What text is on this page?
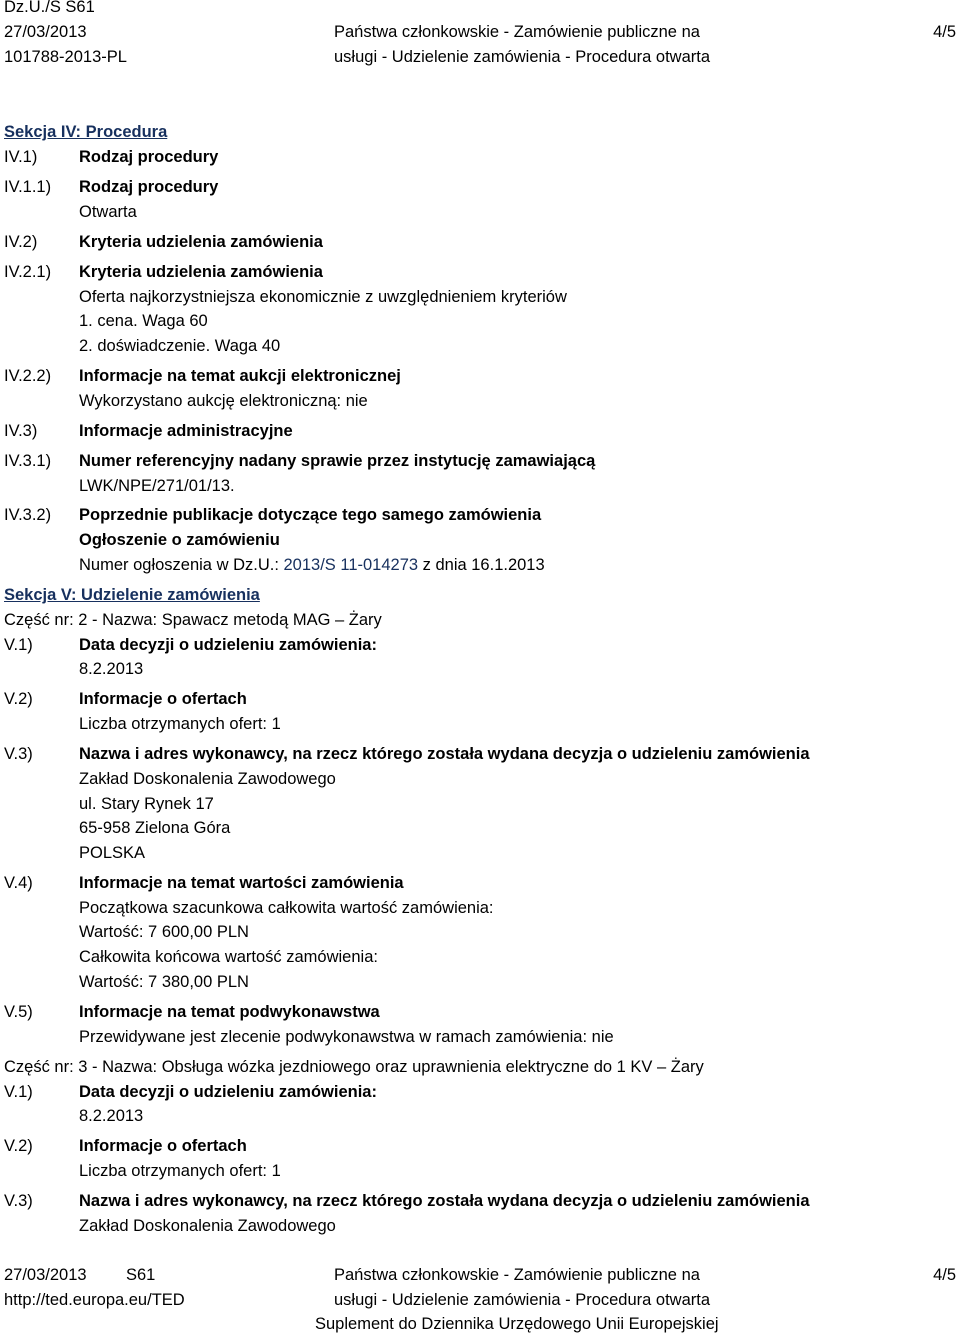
Dz.U./S S61
27/03/2013
101788-2013-PL
Państwa członkowskie - Zamówienie publiczne na
usługi - Udzielenie zamówienia - Procedura otwarta
4/5
Sekcja IV: Procedura
IV.1)	Rodzaj procedury
IV.1.1) Rodzaj procedury
Otwarta
IV.2)	Kryteria udzielenia zamówienia
IV.2.1) Kryteria udzielenia zamówienia
Oferta najkorzystniejsza ekonomicznie z uwzględnieniem kryteriów
1. cena. Waga 60
2. doświadczenie. Waga 40
IV.2.2) Informacje na temat aukcji elektronicznej
Wykorzystano aukcję elektroniczną: nie
IV.3)	Informacje administracyjne
IV.3.1) Numer referencyjny nadany sprawie przez instytucję zamawiającą
LWK/NPE/271/01/13.
IV.3.2) Poprzednie publikacje dotyczące tego samego zamówienia
Ogłoszenie o zamówieniu
Numer ogłoszenia w Dz.U.: 2013/S 11-014273 z dnia 16.1.2013
Sekcja V: Udzielenie zamówienia
Część nr: 2 - Nazwa: Spawacz metodą MAG – Żary
V.1)	Data decyzji o udzieleniu zamówienia:
8.2.2013
V.2)	Informacje o ofertach
Liczba otrzymanych ofert: 1
V.3)	Nazwa i adres wykonawcy, na rzecz którego została wydana decyzja o udzieleniu zamówienia
Zakład Doskonalenia Zawodowego
ul. Stary Rynek 17
65-958 Zielona Góra
POLSKA
V.4)	Informacje na temat wartości zamówienia
Początkowa szacunkowa całkowita wartość zamówienia:
Wartość: 7 600,00 PLN
Całkowita końcowa wartość zamówienia:
Wartość: 7 380,00 PLN
V.5)	Informacje na temat podwykonawstwa
Przewidywane jest zlecenie podwykonawstwa w ramach zamówienia: nie
Część nr: 3 - Nazwa: Obsługa wózka jezdniowego oraz uprawnienia elektryczne do 1 KV – Żary
V.1)	Data decyzji o udzieleniu zamówienia:
8.2.2013
V.2)	Informacje o ofertach
Liczba otrzymanych ofert: 1
V.3)	Nazwa i adres wykonawcy, na rzecz którego została wydana decyzja o udzieleniu zamówienia
Zakład Doskonalenia Zawodowego
27/03/2013 S61
http://ted.europa.eu/TED
Państwa członkowskie - Zamówienie publiczne na
usługi - Udzielenie zamówienia - Procedura otwarta
Suplement do Dziennika Urzędowego Unii Europejskiej
4/5
